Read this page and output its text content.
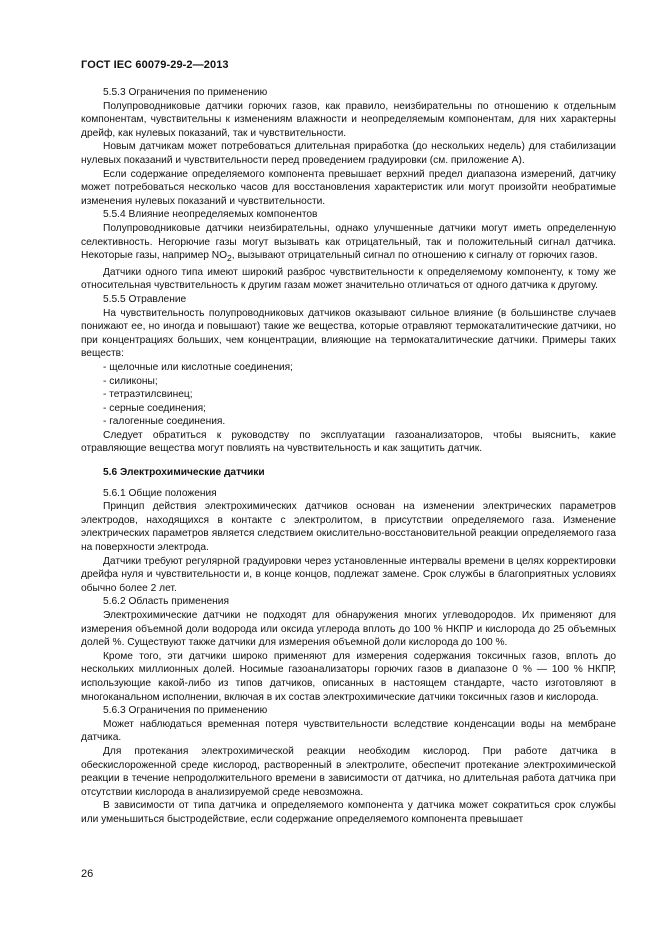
ГОСТ IEC 60079-29-2—2013

5.5.3 Ограничения по применению

Полупроводниковые датчики горючих газов, как правило, неизбирательны по отношению к отдельным компонентам, чувствительны к изменениям влажности и неопределяемым компонентам, для них характерны дрейф, как нулевых показаний, так и чувствительности.

Новым датчикам может потребоваться длительная приработка (до нескольких недель) для стабилизации нулевых показаний и чувствительности перед проведением градуировки (см. приложение А).

Если содержание определяемого компонента превышает верхний предел диапазона измерений, датчику может потребоваться несколько часов для восстановления характеристик или могут произойти необратимые изменения нулевых показаний и чувствительности.

5.5.4 Влияние неопределяемых компонентов

Полупроводниковые датчики неизбирательны, однако улучшенные датчики могут иметь определенную селективность. Негорючие газы могут вызывать как отрицательный, так и положительный сигнал датчика. Некоторые газы, например $NO_2$, вызывают отрицательный сигнал по отношению к сигналу от горючих газов.

Датчики одного типа имеют широкий разброс чувствительности к определяемому компоненту, к тому же относительная чувствительность к другим газам может значительно отличаться от одного датчика к другому.

5.5.5 Отравление

На чувствительность полупроводниковых датчиков оказывают сильное влияние (в большинстве случаев понижают ее, но иногда и повышают) такие же вещества, которые отравляют термокаталитические датчики, но при концентрациях больших, чем концентрации, влияющие на термокаталитические датчики. Примеры таких веществ:

- щелочные или кислотные соединения;
- силиконы;
- тетраэтилсвинец;
- серные соединения;
- галогенные соединения.

Следует обратиться к руководству по эксплуатации газоанализаторов, чтобы выяснить, какие отравляющие вещества могут повлиять на чувствительность и как защитить датчик.

5.6 Электрохимические датчики

5.6.1 Общие положения

Принцип действия электрохимических датчиков основан на изменении электрических параметров электродов, находящихся в контакте с электролитом, в присутствии определяемого газа. Изменение электрических параметров является следствием окислительно-восстановительной реакции определяемого газа на поверхности электрода.

Датчики требуют регулярной градуировки через установленные интервалы времени в целях корректировки дрейфа нуля и чувствительности и, в конце концов, подлежат замене. Срок службы в благоприятных условиях обычно более 2 лет.

5.6.2 Область применения

Электрохимические датчики не подходят для обнаружения многих углеводородов. Их применяют для измерения объемной доли водорода или оксида углерода вплоть до 100 % НКПР и кислорода до 25 объемных долей %. Существуют также датчики для измерения объемной доли кислорода до 100 %.

Кроме того, эти датчики широко применяют для измерения содержания токсичных газов, вплоть до нескольких миллионных долей. Носимые газоанализаторы горючих газов в диапазоне 0 % — 100 % НКПР, использующие какой-либо из типов датчиков, описанных в настоящем стандарте, часто изготовляют в многоканальном исполнении, включая в их состав электрохимические датчики токсичных газов и кислорода.

5.6.3 Ограничения по применению

Может наблюдаться временная потеря чувствительности вследствие конденсации воды на мембране датчика.

Для протекания электрохимической реакции необходим кислород. При работе датчика в обескислороженной среде кислород, растворенный в электролите, обеспечит протекание электрохимической реакции в течение непродолжительного времени в зависимости от датчика, но длительная работа датчика при отсутствии кислорода в анализируемой среде невозможна.

В зависимости от типа датчика и определяемого компонента у датчика может сократиться срок службы или уменьшиться быстродействие, если содержание определяемого компонента превышает

26
